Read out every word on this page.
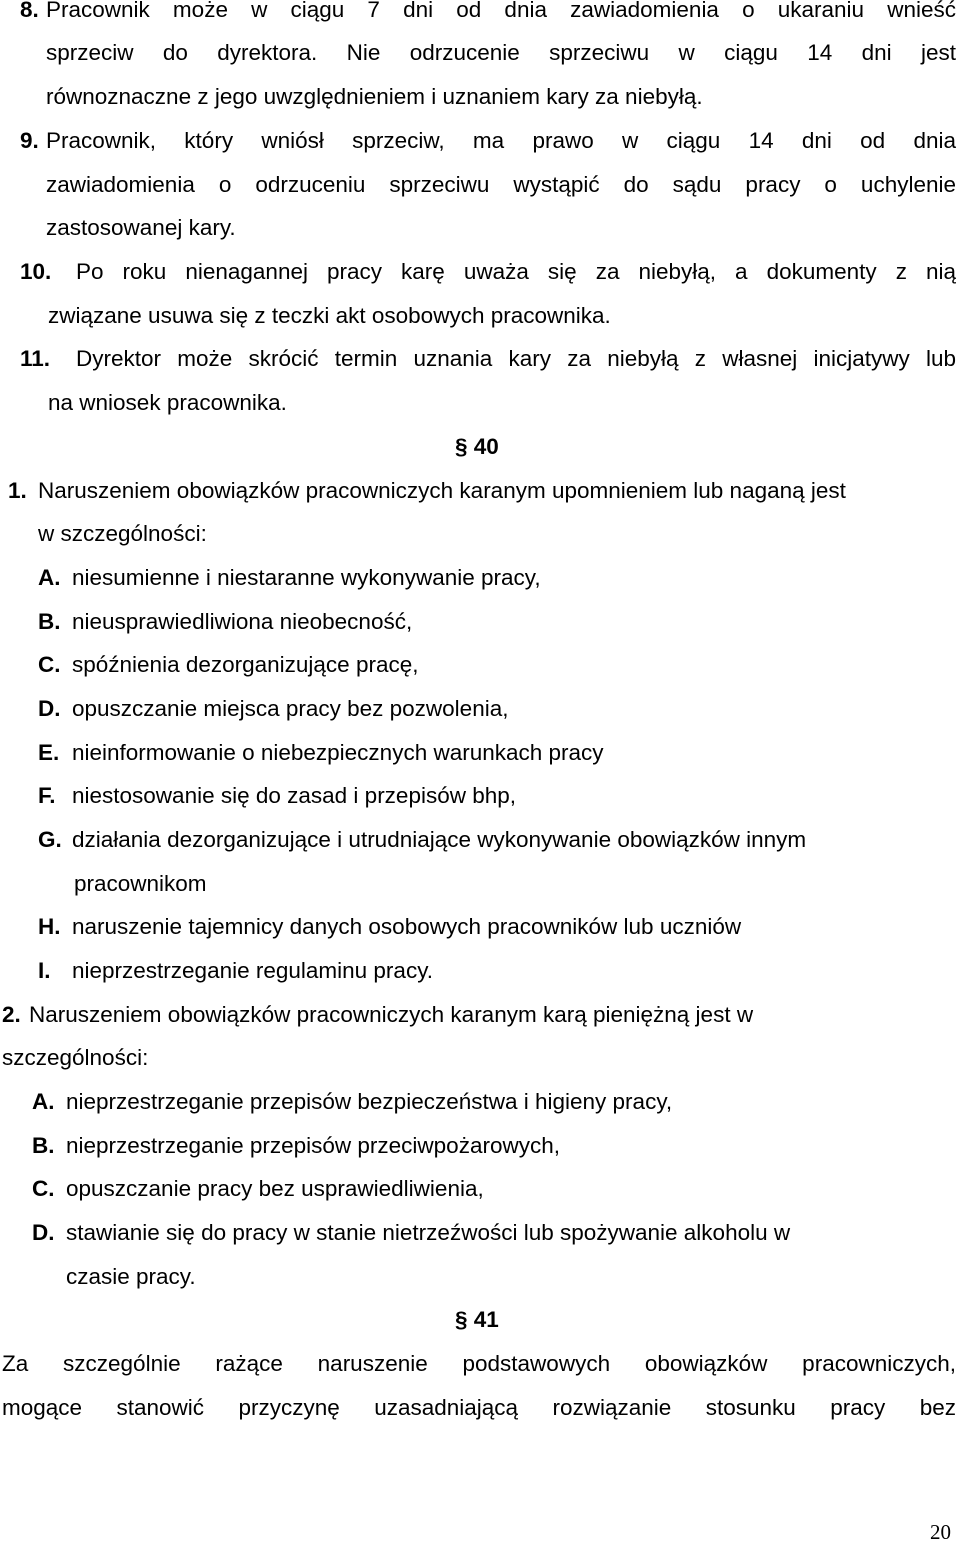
8. Pracownik może w ciągu 7 dni od dnia zawiadomienia o ukaraniu wnieść
sprzeciw do dyrektora. Nie odrzucenie sprzeciwu w ciągu 14 dni jest
równoznaczne z jego uwzględnieniem i uznaniem kary za niebyłą.
9. Pracownik, który wniósł sprzeciw, ma prawo w ciągu 14 dni od dnia
zawiadomienia o odrzuceniu sprzeciwu wystąpić do sądu pracy o uchylenie
zastosowanej kary.
10. Po roku nienagannej pracy karę uważa się za niebyłą, a dokumenty z nią
związane usuwa się z teczki akt osobowych pracownika.
11. Dyrektor może skrócić termin uznania kary za niebyłą z własnej inicjatywy lub
na wniosek pracownika.
§ 40
1. Naruszeniem obowiązków pracowniczych karanym upomnieniem lub naganą jest
w szczególności:
A. niesumienne i niestaranne wykonywanie pracy,
B. nieusprawiedliwiona nieobecność,
C. spóźnienia dezorganizujące pracę,
D. opuszczanie miejsca pracy bez pozwolenia,
E. nieinformowanie o niebezpiecznych warunkach pracy
F. niestosowanie się do zasad i przepisów bhp,
G. działania dezorganizujące i utrudniające wykonywanie obowiązków innym
pracownikom
H. naruszenie tajemnicy danych osobowych pracowników lub uczniów
I. nieprzestrzeganie regulaminu pracy.
2. Naruszeniem obowiązków pracowniczych karanym karą pieniężną jest w
szczególności:
A. nieprzestrzeganie przepisów bezpieczeństwa i higieny pracy,
B. nieprzestrzeganie przepisów przeciwpożarowych,
C. opuszczanie pracy bez usprawiedliwienia,
D. stawianie się do pracy w stanie nietrzeźwości lub spożywanie alkoholu w
czasie pracy.
§ 41
Za szczególnie rażące naruszenie podstawowych obowiązków pracowniczych,
mogące stanowić przyczynę uzasadniającą rozwiązanie stosunku pracy bez
20
